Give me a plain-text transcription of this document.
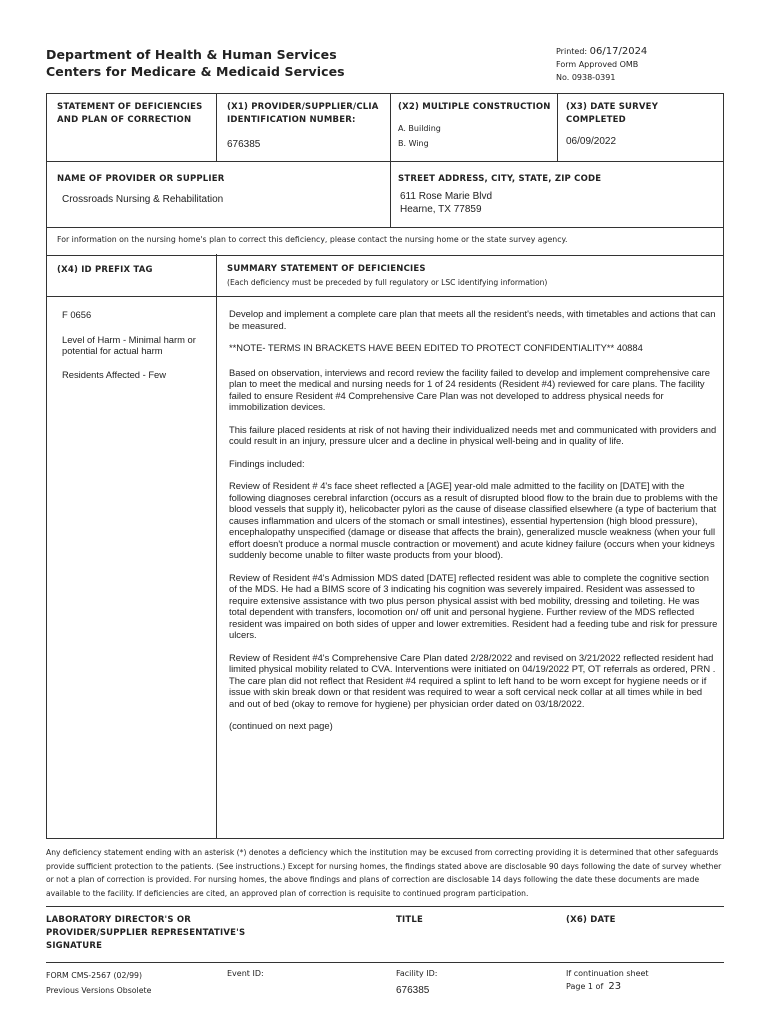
Department of Health & Human Services
Centers for Medicare & Medicaid Services
Printed: 06/17/2024
Form Approved OMB
No. 0938-0391
STATEMENT OF DEFICIENCIES AND PLAN OF CORRECTION
(X1) PROVIDER/SUPPLIER/CLIA IDENTIFICATION NUMBER:
676385
(X2) MULTIPLE CONSTRUCTION
A. Building
B. Wing
(X3) DATE SURVEY COMPLETED
06/09/2022
NAME OF PROVIDER OR SUPPLIER
Crossroads Nursing & Rehabilitation
STREET ADDRESS, CITY, STATE, ZIP CODE
611 Rose Marie Blvd
Hearne, TX 77859
For information on the nursing home's plan to correct this deficiency, please contact the nursing home or the state survey agency.
(X4) ID PREFIX TAG	SUMMARY STATEMENT OF DEFICIENCIES
(Each deficiency must be preceded by full regulatory or LSC identifying information)
F 0656
Level of Harm - Minimal harm or potential for actual harm
Residents Affected - Few

Develop and implement a complete care plan that meets all the resident's needs, with timetables and actions that can be measured.

**NOTE- TERMS IN BRACKETS HAVE BEEN EDITED TO PROTECT CONFIDENTIALITY** 40884

Based on observation, interviews and record review the facility failed to develop and implement comprehensive care plan to meet the medical and nursing needs for 1 of 24 residents (Resident #4) reviewed for care plans. The facility failed to ensure Resident #4 Comprehensive Care Plan was not developed to address physical needs for immobilization devices.

This failure placed residents at risk of not having their individualized needs met and communicated with providers and could result in an injury, pressure ulcer and a decline in physical well-being and in quality of life.

Findings included:

Review of Resident # 4's face sheet reflected a [AGE] year-old male admitted to the facility on [DATE] with the following diagnoses cerebral infarction (occurs as a result of disrupted blood flow to the brain due to problems with the blood vessels that supply it), helicobacter pylori as the cause of disease classified elsewhere (a type of bacterium that causes inflammation and ulcers of the stomach or small intestines), essential hypertension (high blood pressure), encephalopathy unspecified (damage or disease that affects the brain), generalized muscle weakness (when your full effort doesn't produce a normal muscle contraction or movement) and acute kidney failure (occurs when your kidneys suddenly become unable to filter waste products from your blood).

Review of Resident #4's Admission MDS dated [DATE] reflected resident was able to complete the cognitive section of the MDS. He had a BIMS score of 3 indicating his cognition was severely impaired. Resident was assessed to require extensive assistance with two plus person physical assist with bed mobility, dressing and toileting. He was total dependent with transfers, locomotion on/ off unit and personal hygiene. Further review of the MDS reflected resident was impaired on both sides of upper and lower extremities. Resident had a feeding tube and risk for pressure ulcers.

Review of Resident #4's Comprehensive Care Plan dated 2/28/2022 and revised on 3/21/2022 reflected resident had limited physical mobility related to CVA. Interventions were initiated on 04/19/2022 PT, OT referrals as ordered, PRN . The care plan did not reflect that Resident #4 required a splint to left hand to be worn except for hygiene needs or if issue with skin break down or that resident was required to wear a soft cervical neck collar at all times while in bed and out of bed (okay to remove for hygiene) per physician order dated on 03/18/2022.

(continued on next page)

Any deficiency statement ending with an asterisk (*) denotes a deficiency which the institution may be excused from correcting providing it is determined that other safeguards provide sufficient protection to the patients. (See instructions.) Except for nursing homes, the findings stated above are disclosable 90 days following the date of survey whether or not a plan of correction is provided. For nursing homes, the above findings and plans of correction are disclosable 14 days following the date these documents are made available to the facility. If deficiencies are cited, an approved plan of correction is requisite to continued program participation.
LABORATORY DIRECTOR'S OR PROVIDER/SUPPLIER REPRESENTATIVE'S SIGNATURE
TITLE	(X6) DATE
FORM CMS-2567 (02/99)
Previous Versions Obsolete
Event ID:	Facility ID:
676385
If continuation sheet
Page 1 of 23
